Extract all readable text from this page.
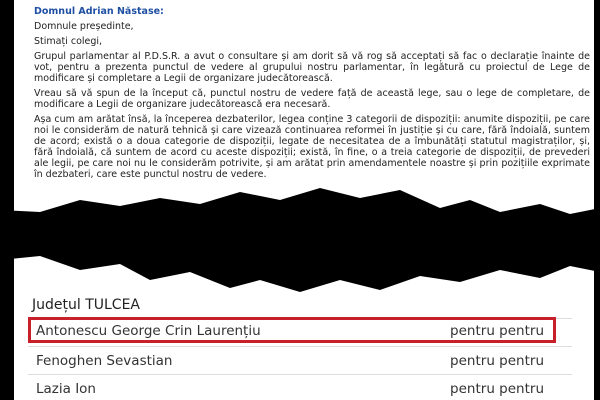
Domnul Adrian Năstase:

Domnule președinte,

Stimați colegi,

Grupul parlamentar al P.D.S.R. a avut o consultare și am dorit să vă rog să acceptați să fac o declarație înainte de vot, pentru a prezenta punctul de vedere al grupului nostru parlamentar, în legătură cu proiectul de Lege de modificare și completare a Legii de organizare judecătorească.

Vreau să vă spun de la început că, punctul nostru de vedere față de această lege, sau o lege de completare, de modificare a Legii de organizare judecătorească era necesară.

Așa cum am arătat însă, la începerea dezbaterilor, legea conține 3 categorii de dispoziții: anumite dispoziții, pe care noi le considerăm de natură tehnică și care vizează continuarea reformei în justiție și cu care, fără îndoială, suntem de acord; există o a doua categorie de dispoziții, legate de necesitatea de a îmbunătăți statutul magistraților, și, fără îndoială, că suntem de acord cu aceste dispoziții; există, în fine, o a treia categorie de dispoziții, de prevederi ale legii, pe care noi nu le considerăm potrivite, și am arătat prin amendamentele noastre și prin pozițiile exprimate în dezbateri, care este punctul nostru de vedere.

Județul TULCEA
Antonescu George Crin Laurențiu	pentru pentru
Fenoghen Sevastian	pentru pentru
Lazia Ion	pentru pentru
